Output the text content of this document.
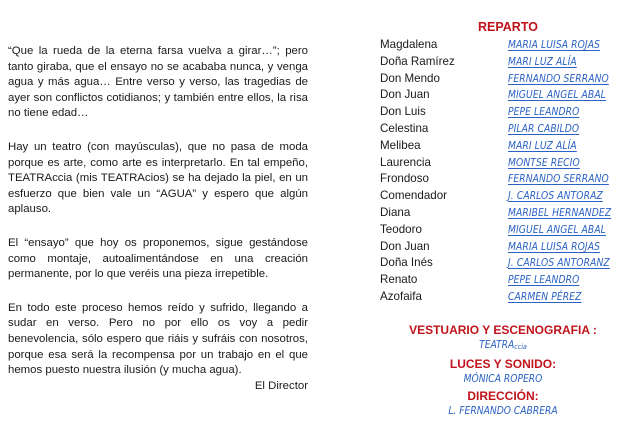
“Que la rueda de la eterna farsa vuelva a girar…”; pero tanto giraba, que el ensayo no se acababa nunca, y venga agua y más agua… Entre verso y verso, las tragedias de ayer son conflictos cotidianos; y también entre ellos, la risa no tiene edad…

Hay un teatro (con mayúsculas), que no pasa de moda porque es arte, como arte es interpretarlo. En tal empeño, TEATRAccia (mis TEATRAcios) se ha dejado la piel, en un esfuerzo que bien vale un “AGUA” y espero que algún aplauso.

El “ensayo” que hoy os proponemos, sigue gestándose como montaje, autoalimentándose en una creación permanente, por lo que veréis una pieza irrepetible.

En todo este proceso hemos reído y sufrido, llegando a sudar en verso. Pero no por ello os voy a pedir benevolencia, sólo espero que riáis y sufráis con nosotros, porque esa será la recompensa por un trabajo en el que hemos puesto nuestra ilusión (y mucha agua).

El Director
REPARTO
Magdalena	MARIA LUISA ROJAS
Doña Ramírez	MARI LUZ ALÍA
Don Mendo	FERNANDO SERRANO
Don Juan	MIGUEL ANGEL ABAL
Don Luis	PEPE LEANDRO
Celestina	PILAR CABILDO
Melibea	MARI LUZ ALÍA
Laurencia	MONTSE RECIO
Frondoso	FERNANDO SERRANO
Comendador	J. CARLOS ANTORAZ
Diana	MARIBEL HERNANDEZ
Teodoro	MIGUEL ANGEL ABAL
Don Juan	MARIA LUISA ROJAS
Doña Inés	J. CARLOS ANTORANZ
Renato	PEPE LEANDRO
Azofaifa	CARMEN PÉREZ
VESTUARIO Y ESCENOGRAFIA :
TEATRAccia
LUCES Y SONIDO:
MÓNICA ROPERO
DIRECCIÓN:
L. FERNANDO CABRERA
